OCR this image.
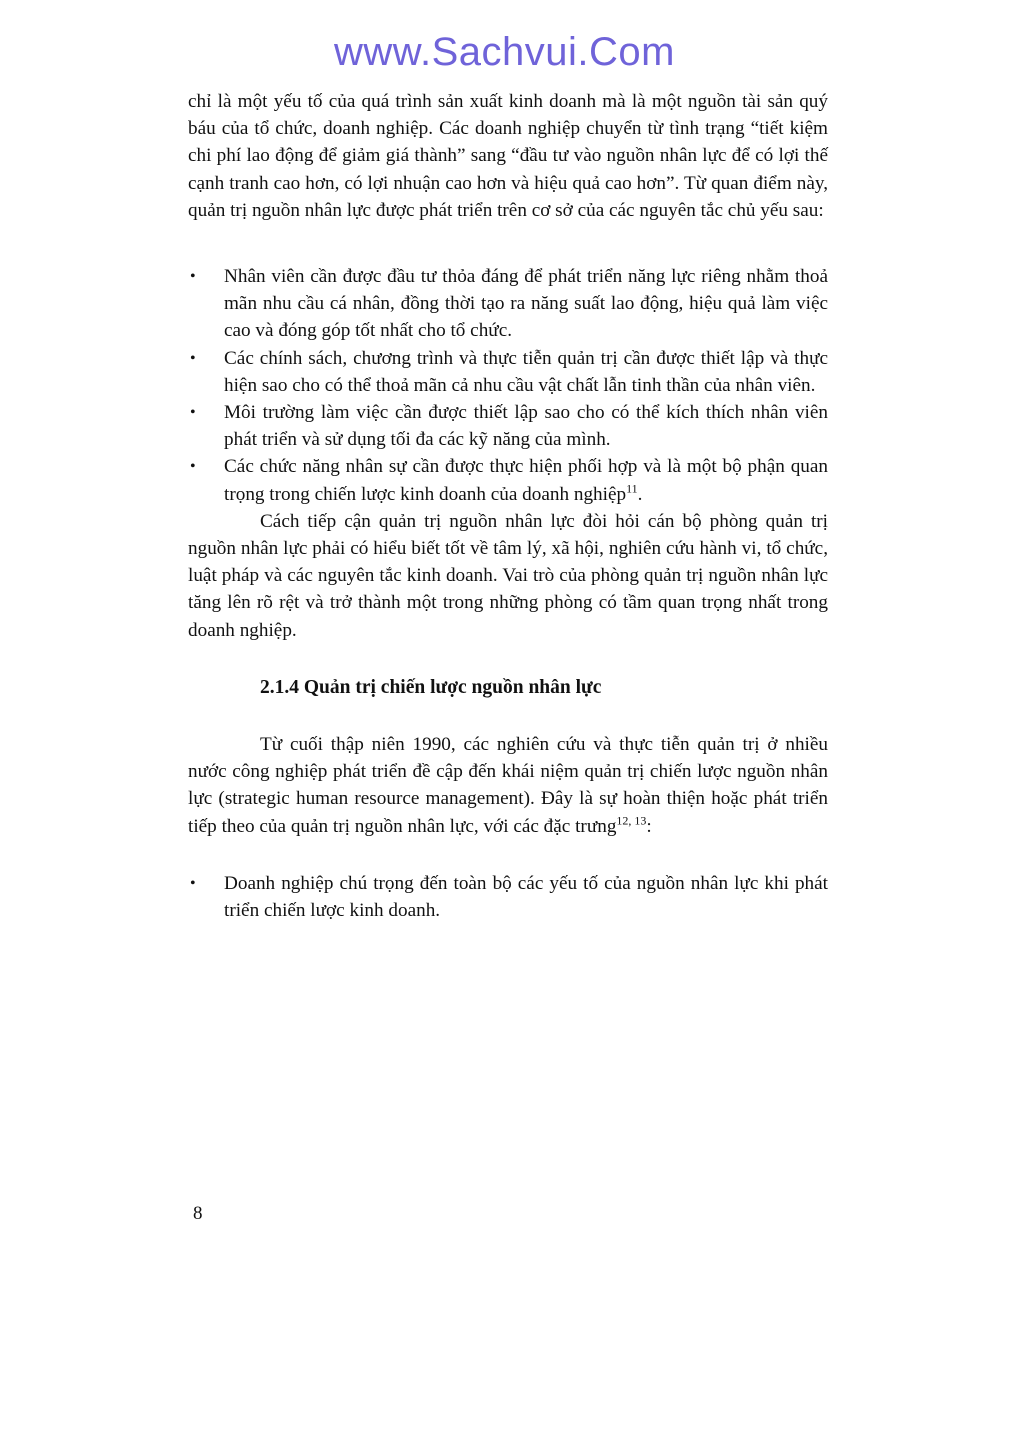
www.Sachvui.Com

chỉ là một yếu tố của quá trình sản xuất kinh doanh mà là một nguồn tài sản quý báu của tổ chức, doanh nghiệp. Các doanh nghiệp chuyển từ tình trạng “tiết kiệm chi phí lao động để giảm giá thành” sang “đầu tư vào nguồn nhân lực để có lợi thế cạnh tranh cao hơn, có lợi nhuận cao hơn và hiệu quả cao hơn”. Từ quan điểm này, quản trị nguồn nhân lực được phát triển trên cơ sở của các nguyên tắc chủ yếu sau:

• Nhân viên cần được đầu tư thỏa đáng để phát triển năng lực riêng nhằm thoả mãn nhu cầu cá nhân, đồng thời tạo ra năng suất lao động, hiệu quả làm việc cao và đóng góp tốt nhất cho tổ chức.
• Các chính sách, chương trình và thực tiễn quản trị cần được thiết lập và thực hiện sao cho có thể thoả mãn cả nhu cầu vật chất lẫn tinh thần của nhân viên.
• Môi trường làm việc cần được thiết lập sao cho có thể kích thích nhân viên phát triển và sử dụng tối đa các kỹ năng của mình.
• Các chức năng nhân sự cần được thực hiện phối hợp và là một bộ phận quan trọng trong chiến lược kinh doanh của doanh nghiệp$^{11}$.

Cách tiếp cận quản trị nguồn nhân lực đòi hỏi cán bộ phòng quản trị nguồn nhân lực phải có hiểu biết tốt về tâm lý, xã hội, nghiên cứu hành vi, tổ chức, luật pháp và các nguyên tắc kinh doanh. Vai trò của phòng quản trị nguồn nhân lực tăng lên rõ rệt và trở thành một trong những phòng có tầm quan trọng nhất trong doanh nghiệp.

2.1.4 Quản trị chiến lược nguồn nhân lực

Từ cuối thập niên 1990, các nghiên cứu và thực tiễn quản trị ở nhiều nước công nghiệp phát triển đề cập đến khái niệm quản trị chiến lược nguồn nhân lực (strategic human resource management). Đây là sự hoàn thiện hoặc phát triển tiếp theo của quản trị nguồn nhân lực, với các đặc trưng$^{12, 13}$:

• Doanh nghiệp chú trọng đến toàn bộ các yếu tố của nguồn nhân lực khi phát triển chiến lược kinh doanh.
8
